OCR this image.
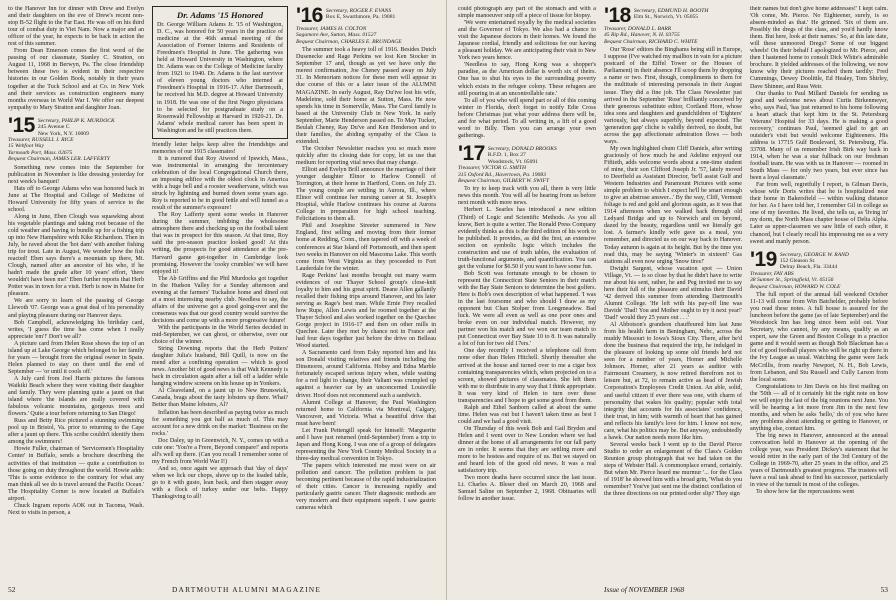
to the Hanover Inn for dinner with Drew and Evelyn and their daughters on the eve of Drew's recent non-stop B-52 flight to the Far East. He was off on his third tour of combat duty in Viet Nam. Now a major and an officer of the year, he expects to be back in action the rest of this summer.

From Dean Emerson comes the first word of the passing of our classmate, Stanley C. Stratton, on August 11, 1968 in Berwyn, Pa. The close friendship between these two is evident in their respective histories in our Golden Book, notably in their years together at the Tuck School and at Co. in New York and their services as construction engineers many months overseas in World War I. We offer our deepest sympathy to Mary Stratton and daughter Joan.

'15 Secretary, PHILIP K. MURDOCK
245 Avenue C
New York, N.Y. 10009
Treasurer, RUSSELL J. RICE
15 Webfoot Way
Yarmouth Port, Mass. 02675
Bequest Chairman, JAMES LER. LAFFERTY

Something new comes into the September for publication in November is like dressing yesterday for next week's banquet!

Hats off to George Adams who was honored back in June at The Hospital and College of Medicine of Howard University for fifty years of service to the school.

Along in June, Eben Clough was squawking about his vegetable plantings and taking root because of the cold weather and having to bundle up for a fishing trip up into New Hampshire with Kike Richardson. Then in July, he raved about the 'hot dam' with another fishing trip for trout. Late in August, We wonder how the fish reacted! Eben says there's a mountain up there, Mt. Clough, named after an ancestor of his who, if he hadn't made the grade after 10 years' effort, 'there wouldn't have been me!' Eben further reports that Herb Potter was in town for a visit. Herb is now in Maine for pleasure.

We are sorry to learn of the passing of George Llewoth '07. George was a great deal of his personality and playing pleasure during our Hanover days.

Bob Campbell, acknowledging his birthday card, writes, 'I guess the time has come when I really appreciate 'em'!' Don't we all?

A picture card from Helen Rose shows the top of an island up at Lake George which belonged to her family for years — brought from the original owner in Spain. Helen planned to stay on there until the end of September — 'or until it cools off.'

A July card from Joel Harris pictures the famous Waikiki Beach where they were visiting their daughter and family. They were planning quite a jaunt on that island where 'the islands are really covered with fabulous volcanic mountains, gorgeous trees and flowers.' Quite a tour before returning to San Diego!

Russ and Betty Rice pictured a stunning swimming pool up in Bristol, Va. prior to returning to the Cape after a jaunt up there. This scribe couldn't identify them among the swimmers!

Howie Fuller, chairman of 'Servicemen's Hospitality Center' in Buffalo, sends a brochure describing the activities of that institution — quite a contribution to those going on duty throughout the world. Howie adds: 'This is some evidence to the contrary for what any man think all we do is travel around the Pacific Ocean.' The Hospitality Corner is now located at Buffalo's airport.

Chuck Ingram reports AOK out in Tacoma, Wash. Next to visits in person, a

Dr. Adams '15 Honored
Dr. George William Adams Jr. '15 of Washington, D. C., was honored for 50 years in the practice of medicine at the 46th annual meeting of the Association of Former Interns and Residents of Freedmen's Hospital in June. The gathering was held at Howard University in Washington, where Dr. Adams was on the College of Medicine faculty from 1921 to 1940. Dr. Adams is the last survivor of eleven young doctors who interned at Freedmen's Hospital in 1916-17. After Dartmouth, he received his M.D. degree at Howard University in 1918. He was one of the first Negro physicians to be selected for postgraduate study on a Rosenwald Fellowship at Harvard in 1920-21. Dr. Adams' whole medical career has been spent in Washington and he still practices there.

friendly letter helps keep alive the friendships and memories of our 1915 classmates!

It is rumored that Roy Atwood of Ipswich, Mass., was instrumental in arranging the tercentenary celebration of the local Congregational Church there, an imposing edifice with the oldest clock in America with a huge bell and a rooster weathervane, which was struck by lightning and burned down some years ago. Roy is reported to be in good fettle and will tunnel as a result of the summer's exposure!

The Roy Lafferty spent some weeks in Hanover during the summer, imbibing the wholesome atmosphere there and checking up on the football talent that was in prospect for this season. At that time, Roy said the pre-season practice looked good! At this writing, the prospects for good attendance at the pre-Harvard game get-together in Cambridge look promising. However the 'cooky crumbles' we will have enjoyed it!

The Ab Griffins and the Phil Murdocks got together in the Hudson Valley for a Sunday afternoon and evening at the farmers' Tuckahoe home and dined out at a most interesting nearby club. Needless to say, the affairs of the universe got a good going-over and the consensus was that our good country would survive the decisions and come up with a more progressive future!

With the participants in the World Series decided in mid-September, we can ghost, or otherwise, over our choice of the winner.

String Downing reports that the Herb Potters' daughter Julia's husband, Bill Quill, is now on the mend after a confining operation — which is good news. Another bit of good news is that Walt Kennedy is back in circulation again after a fall off a ladder while hanging window screens on his house up in Yonkers.

Al Cleaveland, on a jaunt up to New Brunswick, Canada, brags about the tasty lobsters up there. What? Better than Maine lobsters, Al?

Inflation has been described as paying twice as much for something you got half as much of. This may account for a new drink on the market: 'Business on the rocks.'

Doc Daley, up in Greenwich, N. Y., comes up with a cute one: 'You're a Frere, Beyond compare!' and reports all's well up there. (Can you recall I remember some of my French from World War I!)

And so, once again we approach that 'day of days' when we lick our chops, shove up to the loaded table, go to it with gusto, lean back, and then stagger away with a flock of turkey under our belts. Happy Thanksgiving to all!

'16 Secretary, ROGER F. EVANS
Box E, Swarthmore, Pa. 19081
Treasurer, JAMES H. COLTON
Sagamore Ave, Sutton, Mass. 01527
Bequest Chairman, CHARLES E. BRUNDAGE

The summer took a heavy toll of 1916. Besides Dutch Dusenecke and Rage Perkins we lost Ken Stocker in September 17 and, though as yet we have only the merest confirmation, Joe Cheney passed away on July 31. In Memoriam notices for these men will appear in due course of this or a later issue of the ALUMNI MAGAZINE. In early August, Ray Du'ive lost his wife, Madeleine, sold their home at Sutton, Mass. He now spends his time in Somerville, Mass. The Carol family is based at the University Club in New York. In early September, Marie Henderson passed on. To May Tucker, Beulah Cheney, Ray Du've and Ken Henderson and to their families, the abiding sympathy of the Class is extended.

The October Newsletter reaches you so much more quickly after its closing date for copy, let us use that medium for reporting vital news that may change.

Elliott and Evelyn Brill announce the marriage of their younger daughter Elinor to Harlow Connell of Torrington, at their home in Hartford, Conn. on July 23. The young couple are settling in Aurora, Ill., where Elinor will continue her nursing career at St. Joseph's Hospital, while Harlow continues his course at Aurora College in preparation for high school teaching. Felicitations to them all.

Phil and Josephine Streeter summered in New England, first selling and moving from their former home at Redding, Conn., then tapered off with a week of conferences at Star Island off Portsmouth, and then spent two weeks in Hanover on old Mascoma Lake. This worth come from West Virginia as they proceeded to Fort Lauderdale for the winter.

Rage Perkins' last months brought out many warm evidences of our Thayer School group's close-knit loyalty to him and his great spirit. Deane Allen gallantly recalled their fishing trips around Hanover, and his later serving as Rage's best man. While Ernie Frey recalled how Rupe, Allen Lewis and he roomed together at the Thayer School and also worked together on the Quechee Gorge project in 1916-17 and then on other mills in Quechee. Later they met by chance not in France and had four days together just before the drive on Belleau Wood started.

A Sacramento card from Esky reported him and his son Donald visiting relatives and friends including the Dinsmores, around California. Hobsy and Edna Marble fortunately escaped serious injury when, while waiting for a red light to change, their Valiant was crumpled up against a heavier car by an unconcerned Louisville driver. Hoof does not recommend such a sandwich.

Alumni College at Hanover, the Paul Washington returned home to California via Montreal, Calgary, Vancouver, and Victoria. What a beautiful drive that must have been!

Let Frank Pettengill speak for himself: 'Marguerite and I have just returned (mid-September) from a trip to Japan and Hong Kong. I was one of a group of delegates representing the New York County Medical Society in a three-day medical convention in Tokyo.

'The papers which interested me most were on air pollution and cancer. The pollution problem is just becoming pertinent because of the rapid industrialization of their cities. Cancer is increasing rapidly and particularly gastric cancer. Their diagnostic methods are very modern and their equipment superb. I saw gastric cameras which

52	DARTMOUTH ALUMNI MAGAZINE

could photograph any part of the stomach and with a simple manoeuver snip off a piece of tissue for biopsy.

'We were entertained royally by the medical societies and the Governor of Tokyo. We also had a chance to visit the Japanese doctors in their homes. We found the Japanese cordial, friendly and solicitous for our having a pleasant holiday. We are anticipating their visit to New York two years hence.

'Needless to say, Hong Kong was a shopper's paradise, as the American dollar is worth six of theirs. One has to shut his eyes to the surrounding poverty which exists in the refugee colony. These refugees are still pouring in at an uncontrollable rate.'

To all of you who will spend part or all of this coming winter in Florida, don't forget to notify Edie Cross before Christmas just what your address there will be, and for what period. To all writing in, a lift of a good word to Billy. Then you can arrange your own gatherings.

'17 Secretary, DONALD BROOKS
R.F.D. 1, Box 27
Woodstock, Vt. 05091
Treasurer, VICTOR G. SMITH
315 Oxford Rd., Havertown, Pa. 19083
Bequest Chairman, GILBERT W. SWIFT

To try to keep track with you all, there is very little news this month. You will all be hearing from us before next month with more news.

Herbert L. Searles has introduced a new edition (Third) of Logic and Scientific Methods. As you all know, Bert is quite a writer. The Ronald Press Company evidently thinks as this is the third edition of his work to be published. It provides, as did the first, an extensive section on symbolic logic which includes the construction and use of truth tables, the evaluation of truth-functional arguments, and quantification. You can get the volume for $6.50 if you want to have some fun.

Bob Scott was fortunate enough to be chosen to represent the Connecticut State Seniors in their match with the Bay State Seniors to determine the best golfers. Here is Bob's own description of what happened. 'I was in the last foursome and who should I draw as my opponent but Chan Stolper from Longmeadow. Bad luck. We were all even as well as one poor ones and broke even on our individual match. However, my partner won his match and we won our team match to put Connecticut over Bay State 10 to 8. It was naturally a lot of fun for two old 17ers.'

One day recently I received a telephone call from none other than Helen Hitchell. Shortly thereafter she arrived at the house and turned over to me a cigar box containing transparencies which, when projected on to a screen, showed pictures of classmates. She left them with me to distribute in any way that I think appropriate. It was very kind of Helen to turn over these transparencies and I hope to get some good from them.

Ralph and Ethel Sanborn called at about the same time. Helen was out but I haven't taken time as best I could and we had a good visit.

On Thursday of this week Bob and Gail Bryden and Helen and I went over to New London where we had dinner at the home of all arrangements for our fall party are in order. It seems that they are settling more and more to be hostess and require of us. But we stayed on and heard lots of the good old news. It was a real satisfactory trip.

Two more deaths have occurred since the last issue. Lt. Charles A. Bleser died on March 20, 1968 and Samuel Saline on September 2, 1968. Obituaries will follow in another issue.

'18 Secretary, EDMUND H. BOOTH
Elm St., Norwich, Vt. 05055
Treasurer, DONALD L. BARR
45 Rip Rd., Hanover, N. H. 03755
Bequest Chairman, RICHARD C. WHITE

Our 'Rose' editors the Binghams being still in Europe, I suppose (I've watched my mailbox in vain for a picture postcard of the Eiffel Tower or the Houses of Parliament) in their absence I'll scoop them by dropping a name or two. First, though, compliments to them for the multitude of interesting personals in their August issue. They did a fine job. The Class Newsletter just arrived in the September 'Rose' brilliantly conceived by their generous substitute editor, Cortland Hore, whose idea sons and daughters and grandchildren of 'Eighters' variously, but always superbly, beyond expected. The 'generation gap' cliche is validly derived, no doubt, but across the gap affectionate admiration flows — both ways.

My own highlighted chum Cliff Daniels, after writing graciously of how much he and Adeline enjoyed our Fiftieth, adds welcome words about a one-time student of mine, their son Clifford Joseph Jr. '57, lately moved to Deerfield as Assistant Director, 'he'll assist Gulf and Western Industries and Paramount Pictures with some simple problem to which I expect he'll be smart enough to give an abstruse answer...' By the way, Cliff, Vermont foliage is red and gold and glorious again, as it was that 1914 afternoon when we walked back through old Ledyard Bridge and up to Norwich and on beyond, dazed by the beauty, regardless until we literally got lost. A farmer's kindly wife gave us a meal, you remember, and directed us on our way back to Hanover. Today autumn is again at its height. But by the time you read this, may be saying 'Winter's in sixteen!' Gas stations all even now urging 'Snow tires!'

Dwight Sargent, whose vacation spot — Union Village, Vt. — is so close by that he didn't have to write me about his sent, rather, he and Peg invited me to say here their full of the pleasure and stimulus their David '42 derived this summer from attending Dartmouth's Alumni College. 'He left with his pay-off line was Davids' 'Dad! You and Mother ought to try it next year!' 'Dad!' would they 25 years out . . .'

Al Abbotson's grandson chauffeured him last June from his health farm in Beningham, Nebr., across the muddy Missouri to Iowa's Sioux City. There, after he'd done the business that required the trip, he indulged in the pleasure of looking up some old friends he'd not seen for a number of years, Homer and Michelle Johnson. Homer, after 21 years as auditor with Fairmount Creamery, is now retired therefrom not to leisure but, at 72, to remain active as head of Jewish Corporation's Employees Credit Union. An able, solid, and useful citizen if ever there was one, with charm of personality that wakes his quality; popular with total integrity that accounts for his associates' confidence, their trust, in him; with warmth of heart that has gained and reflects his family's love for him. I know not now, care, what his politics may be. But anyway, undoubtedly a hawk. Our nation needs more like him.

Several weeks back I went up to the David Pierce Studio to order an enlargement of the Class's Golden Reunion group photograph that we had taken on the steps of Webster Hall. A commonplace errand, certainly. But when Mr. Pierce heard me murmur '... for the Class of 1918' he showed him with a broad grin, 'What do you remember? You've just sent me the distinct conflation of the three directions on our printed order slip? They sign

their names but don't give home addresses!' I kept calm. 'Oh come, Mr. Pierce. No Eighteener, surely, is so absent-minded as that.' He grinned. 'Six of them are. Possibly the dregs of the class, and you'd hardly know them. But here, look at their names.' So, at this late date, will these unmoored Dregs? Some of our biggest wheels! On their behalf I apologized to Mr. Pierce, and then I hastened home to consult Dick White's admirable brochure. It yielded addresses of the following, we now know why their pictures reached them tardily: Fred Cummings, Dewey Doolittle, Ed Healey, Tom Shirley, Dave Shinner, and Russ Weir.

Our thanks to Paul Millard Daniels for sending us good and welcome news about Curtis Birkenmeyer, who, says Paul, 'has just returned to his home following a heart attack that kept him in the St. Petersburg Veterans' Hospital for 33 days. He is making a good recovery,' continues Paul, 'seemed glad to get an outsider's visit but would welcome Eighteeners. His address is 17715 Gulf Boulevard, St. Petersburg, Fla. 33708. Many of us remember Irish Birk way back in 1914, when he was a star fullback on our freshman football team. He was with us in Hanover — roomed in South Mass — for only two years, but ever since has been a loyal classmate.'

Far from well, regretfully I report, is Gilman Davis, whose wife Doris writes that he is hospitalized near their home in Bakersfield — within walking distance for her. As I have told her, I remember Gil in college as one of my favorites. He lived, she tells us, as 'living in' my dorm, the North Mass chapter house of Delta Alpha. Later as upper-classmen we saw little of each other, it chanced, but I clearly recall his impressing me as a very sweet and manly person.

'19 Secretary, GEORGE W. RAND
152 Gleason St.
Delray Beach, Fla. 33444
Treasurer, FAY ABS
38 Sumner St., Springfield, Vt. 05156
Bequest Chairman, HOWARD W. COLE

The full report of the annual fall weekend October 11-13 will come from Win Batchelder, probably before you read these notes. A full house is assured for the luncheon before the game (as of late September) and the Woodstock Inn has long since been sold out. Your Secretary, who cannot, by any means, qualify as an expert, saw the Green and Boston College in a practice game and it would seem as though Bob Blackman has a lot of good football players who will be right up there in the Ivy League as usual. Watching the game were Jack McCrillis, from nearby Newport, N. H., Bob Lewis, from Lebanon, and Stu Russell and Cully Larson from the local scene.

Congratulations to Jim Davis on his first mailing on the '50th — all of it certainly hit the right note on how we will enjoy the last of the big reunions next June. You will be hearing a lot more from Jim in the next few months, and when he asks 'hello,' do of you who have any problems about attending or getting to Hanover, or anything else, contact him.

The big news in Hanover, announced at the annual convocation held in Hanover at the opening of the college year, was President Dickey's statement that he would retire in the early part of the 3rd Century of the College in 1969-70, after 25 years in the office, and 25 years of Dartmouth's greatest progress. The trustees will have a real task ahead to find his successor, particularly in view of the tumult in most of the colleges.

To show how far the repercussions went

Issue of NOVEMBER 1968	53
